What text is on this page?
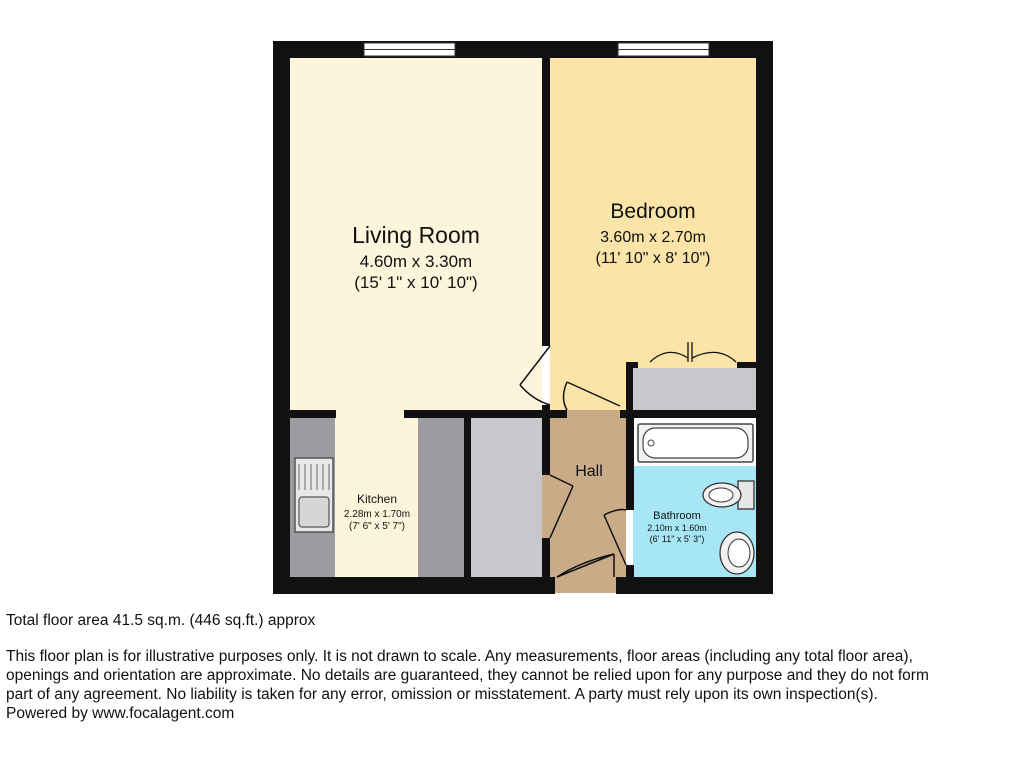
Living Room
4.60m x 3.30m
(15' 1" x 10' 10")
Bedroom
3.60m x 2.70m
(11' 10" x 8' 10")
Hall
Kitchen
2.28m x 1.70m
(7' 6" x 5' 7")
Bathroom
2.10m x 1.60m
(6' 11" x 5' 3")
Total floor area 41.5 sq.m. (446 sq.ft.) approx
This floor plan is for illustrative purposes only. It is not drawn to scale. Any measurements, floor areas (including any total floor area),
openings and orientation are approximate. No details are guaranteed, they cannot be relied upon for any purpose and they do not form
part of any agreement. No liability is taken for any error, omission or misstatement. A party must rely upon its own inspection(s).
Powered by www.focalagent.com
